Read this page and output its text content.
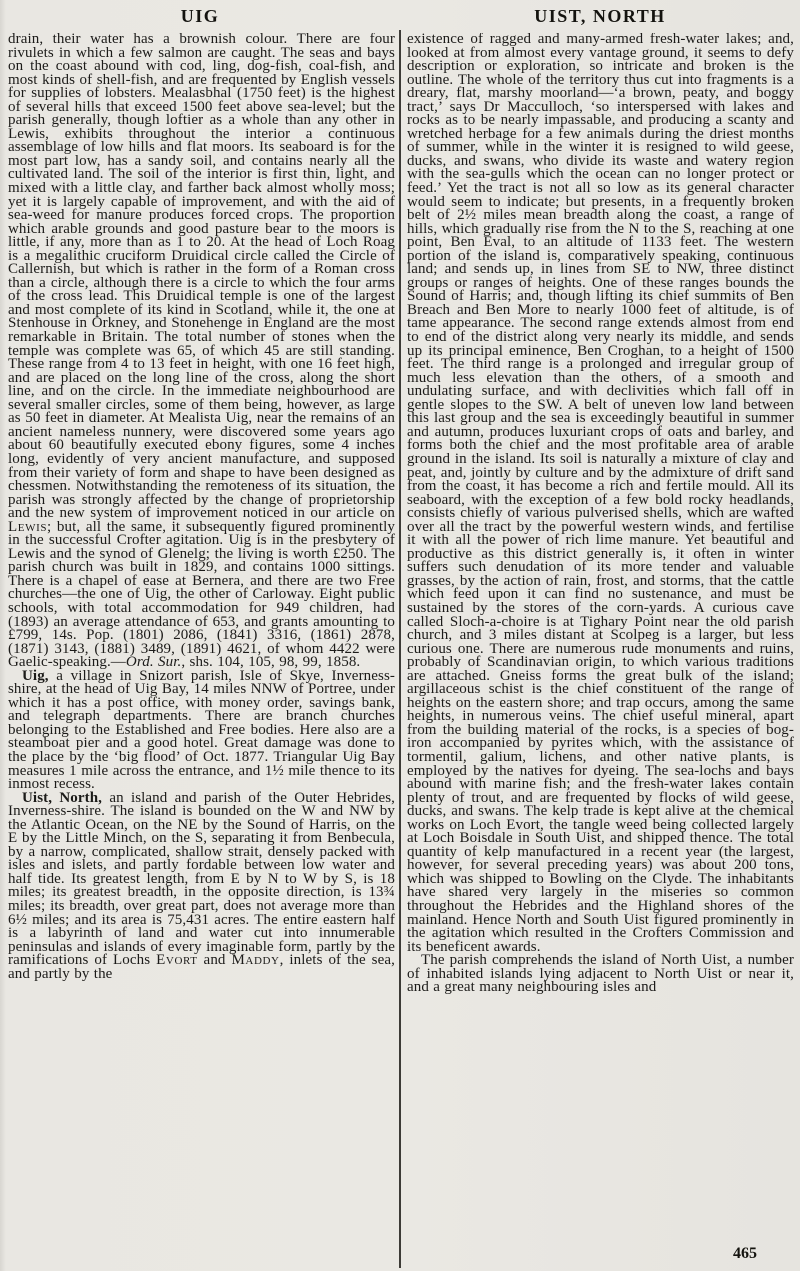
UIG	UIST, NORTH

drain, their water has a brownish colour. There are four rivulets in which a few salmon are caught. The seas and bays on the coast abound with cod, ling, dog-fish, coal-fish, and most kinds of shell-fish, and are frequented by English vessels for supplies of lobsters. Mealasbhal (1750 feet) is the highest of several hills that exceed 1500 feet above sea-level; but the parish generally, though loftier as a whole than any other in Lewis, exhibits throughout the interior a continuous assemblage of low hills and flat moors. Its seaboard is for the most part low, has a sandy soil, and contains nearly all the cultivated land. The soil of the interior is first thin, light, and mixed with a little clay, and farther back almost wholly moss; yet it is largely capable of improvement, and with the aid of sea-weed for manure produces forced crops. The proportion which arable grounds and good pasture bear to the moors is little, if any, more than as 1 to 20. At the head of Loch Roag is a megalithic cruciform Druidical circle called the Circle of Callernish, but which is rather in the form of a Roman cross than a circle, although there is a circle to which the four arms of the cross lead. This Druidical temple is one of the largest and most complete of its kind in Scotland, while it, the one at Stenhouse in Orkney, and Stonehenge in England are the most remarkable in Britain. The total number of stones when the temple was complete was 65, of which 45 are still standing. These range from 4 to 13 feet in height, with one 16 feet high, and are placed on the long line of the cross, along the short line, and on the circle. In the immediate neighbourhood are several smaller circles, some of them being, however, as large as 50 feet in diameter. At Mealista Uig, near the remains of an ancient nameless nunnery, were discovered some years ago about 60 beautifully executed ebony figures, some 4 inches long, evidently of very ancient manufacture, and supposed from their variety of form and shape to have been designed as chessmen. Notwithstanding the remoteness of its situation, the parish was strongly affected by the change of proprietorship and the new system of improvement noticed in our article on Lewis; but, all the same, it subsequently figured prominently in the successful Crofter agitation. Uig is in the presbytery of Lewis and the synod of Glenelg; the living is worth £250. The parish church was built in 1829, and contains 1000 sittings. There is a chapel of ease at Bernera, and there are two Free churches—the one of Uig, the other of Carloway. Eight public schools, with total accommodation for 949 children, had (1893) an average attendance of 653, and grants amounting to £799, 14s. Pop. (1801) 2086, (1841) 3316, (1861) 2878, (1871) 3143, (1881) 3489, (1891) 4621, of whom 4422 were Gaelic-speaking.—Ord. Sur., shs. 104, 105, 98, 99, 1858.

Uig, a village in Snizort parish, Isle of Skye, Inverness-shire, at the head of Uig Bay, 14 miles NNW of Portree, under which it has a post office, with money order, savings bank, and telegraph departments. There are branch churches belonging to the Established and Free bodies. Here also are a steamboat pier and a good hotel. Great damage was done to the place by the ‘big flood’ of Oct. 1877. Triangular Uig Bay measures 1 mile across the entrance, and 1½ mile thence to its inmost recess.

Uist, North, an island and parish of the Outer Hebrides, Inverness-shire. The island is bounded on the W and NW by the Atlantic Ocean, on the NE by the Sound of Harris, on the E by the Little Minch, on the S, separating it from Benbecula, by a narrow, complicated, shallow strait, densely packed with isles and islets, and partly fordable between low water and half tide. Its greatest length, from E by N to W by S, is 18 miles; its greatest breadth, in the opposite direction, is 13¾ miles; its breadth, over great part, does not average more than 6½ miles; and its area is 75,431 acres. The entire eastern half is a labyrinth of land and water cut into innumerable peninsulas and islands of every imaginable form, partly by the ramifications of Lochs Evort and Maddy, inlets of the sea, and partly by the

existence of ragged and many-armed fresh-water lakes; and, looked at from almost every vantage ground, it seems to defy description or exploration, so intricate and broken is the outline. The whole of the territory thus cut into fragments is a dreary, flat, marshy moorland—‘a brown, peaty, and boggy tract,’ says Dr Macculloch, ‘so interspersed with lakes and rocks as to be nearly impassable, and producing a scanty and wretched herbage for a few animals during the driest months of summer, while in the winter it is resigned to wild geese, ducks, and swans, who divide its waste and watery region with the sea-gulls which the ocean can no longer protect or feed.’ Yet the tract is not all so low as its general character would seem to indicate; but presents, in a frequently broken belt of 2½ miles mean breadth along the coast, a range of hills, which gradually rise from the N to the S, reaching at one point, Ben Eval, to an altitude of 1133 feet. The western portion of the island is, comparatively speaking, continuous land; and sends up, in lines from SE to NW, three distinct groups or ranges of heights. One of these ranges bounds the Sound of Harris; and, though lifting its chief summits of Ben Breach and Ben More to nearly 1000 feet of altitude, is of tame appearance. The second range extends almost from end to end of the district along very nearly its middle, and sends up its principal eminence, Ben Croghan, to a height of 1500 feet. The third range is a prolonged and irregular group of much less elevation than the others, of a smooth and undulating surface, and with declivities which fall off in gentle slopes to the SW. A belt of uneven low land between this last group and the sea is exceedingly beautiful in summer and autumn, produces luxuriant crops of oats and barley, and forms both the chief and the most profitable area of arable ground in the island. Its soil is naturally a mixture of clay and peat, and, jointly by culture and by the admixture of drift sand from the coast, it has become a rich and fertile mould. All its seaboard, with the exception of a few bold rocky headlands, consists chiefly of various pulverised shells, which are wafted over all the tract by the powerful western winds, and fertilise it with all the power of rich lime manure. Yet beautiful and productive as this district generally is, it often in winter suffers such denudation of its more tender and valuable grasses, by the action of rain, frost, and storms, that the cattle which feed upon it can find no sustenance, and must be sustained by the stores of the corn-yards. A curious cave called Sloch-a-choire is at Tighary Point near the old parish church, and 3 miles distant at Scolpeg is a larger, but less curious one. There are numerous rude monuments and ruins, probably of Scandinavian origin, to which various traditions are attached. Gneiss forms the great bulk of the island; argillaceous schist is the chief constituent of the range of heights on the eastern shore; and trap occurs, among the same heights, in numerous veins. The chief useful mineral, apart from the building material of the rocks, is a species of bog-iron accompanied by pyrites which, with the assistance of tormentil, galium, lichens, and other native plants, is employed by the natives for dyeing. The sea-lochs and bays abound with marine fish; and the fresh-water lakes contain plenty of trout, and are frequented by flocks of wild geese, ducks, and swans. The kelp trade is kept alive at the chemical works on Loch Evort, the tangle weed being collected largely at Loch Boisdale in South Uist, and shipped thence. The total quantity of kelp manufactured in a recent year (the largest, however, for several preceding years) was about 200 tons, which was shipped to Bowling on the Clyde. The inhabitants have shared very largely in the miseries so common throughout the Hebrides and the Highland shores of the mainland. Hence North and South Uist figured prominently in the agitation which resulted in the Crofters Commission and its beneficent awards.

The parish comprehends the island of North Uist, a number of inhabited islands lying adjacent to North Uist or near it, and a great many neighbouring isles and

465
